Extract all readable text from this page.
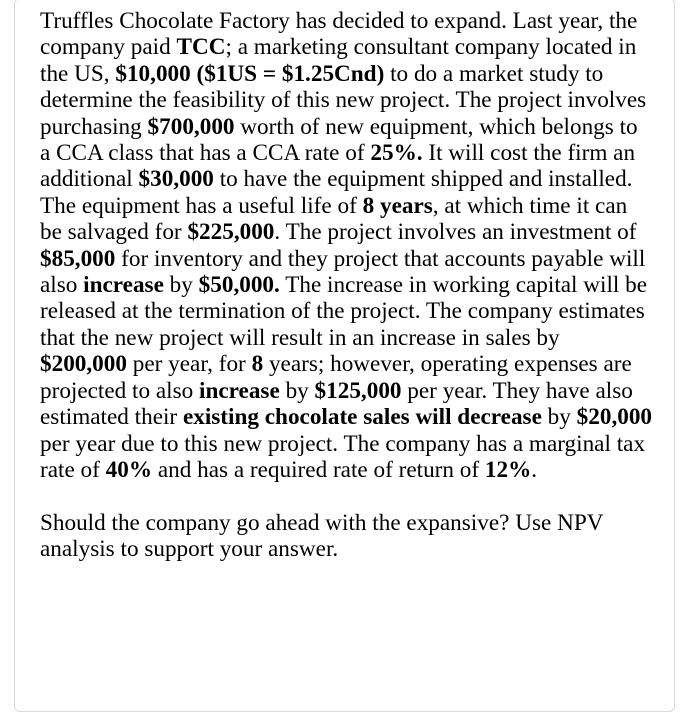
Truffles Chocolate Factory has decided to expand. Last year, the company paid TCC; a marketing consultant company located in the US, $10,000 ($1US = $1.25Cnd) to do a market study to determine the feasibility of this new project. The project involves purchasing $700,000 worth of new equipment, which belongs to a CCA class that has a CCA rate of 25%. It will cost the firm an additional $30,000 to have the equipment shipped and installed. The equipment has a useful life of 8 years, at which time it can be salvaged for $225,000. The project involves an investment of $85,000 for inventory and they project that accounts payable will also increase by $50,000. The increase in working capital will be released at the termination of the project. The company estimates that the new project will result in an increase in sales by $200,000 per year, for 8 years; however, operating expenses are projected to also increase by $125,000 per year. They have also estimated their existing chocolate sales will decrease by $20,000 per year due to this new project. The company has a marginal tax rate of 40% and has a required rate of return of 12%.

Should the company go ahead with the expansive? Use NPV analysis to support your answer.
